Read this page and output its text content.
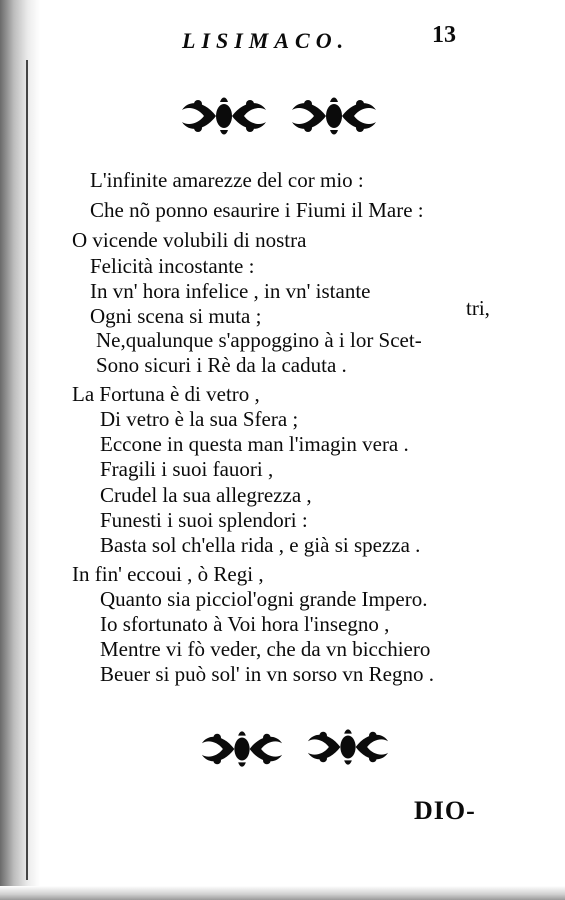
LISIMACO.	13
L'infinite amarezze del cor mio :
Che nõ ponno esaurire i Fiumi il Mare :
O vicende volubili di nostra
Felicità incostante :
In vn' hora infelice , in vn' istante
Ogni scena si muta ;	tri,
Ne,qualunque s'appoggino à i lor Scet-
Sono sicuri i Rè da la caduta .
La Fortuna è di vetro ,
Di vetro è la sua Sfera ;
Eccone in questa man l'imagin vera .
Fragili i suoi fauori ,
Crudel la sua allegrezza ,
Funesti i suoi splendori :
Basta sol ch'ella rida , e già si spezza .
In fin' eccoui , ò Regi ,
Quanto sia picciol'ogni grande Impero.
Io sfortunato à Voi hora l'insegno ,
Mentre vi fò veder, che da vn bicchiero
Beuer si può sol' in vn sorso vn Regno .
DIO-
